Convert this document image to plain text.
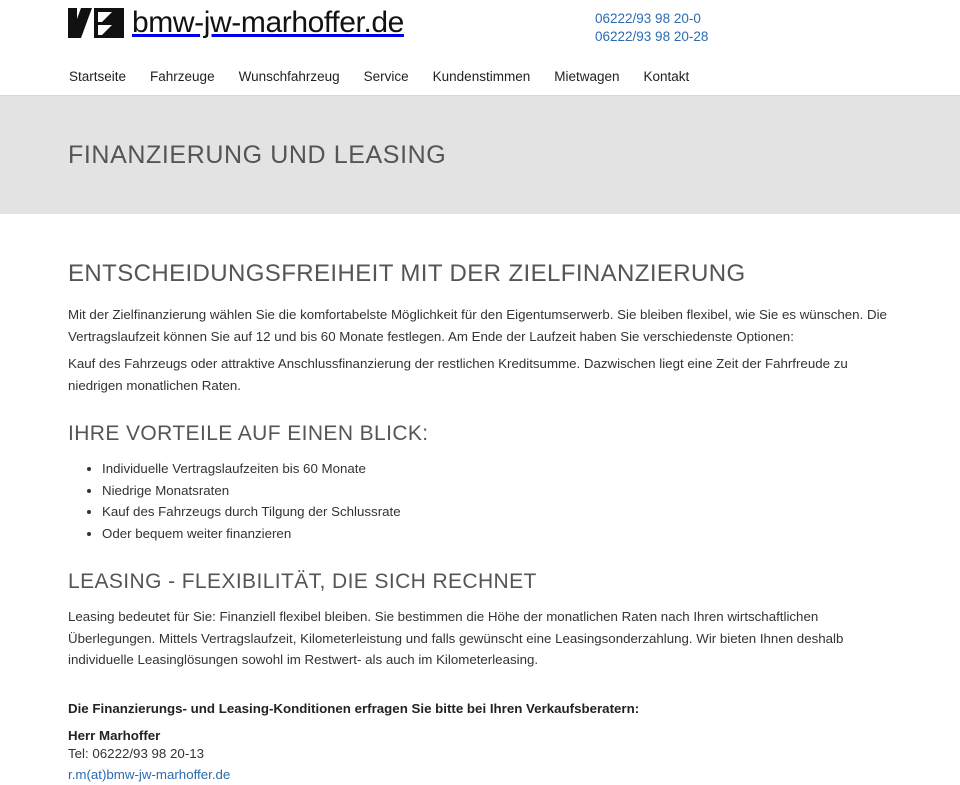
bmw-jw-marhoffer.de	06222/93 98 20-0
06222/93 98 20-28
Startseite Fahrzeuge Wunschfahrzeug Service Kundenstimmen Mietwagen Kontakt
FINANZIERUNG UND LEASING
ENTSCHEIDUNGSFREIHEIT MIT DER ZIELFINANZIERUNG

Mit der Zielfinanzierung wählen Sie die komfortabelste Möglichkeit für den Eigentumserwerb. Sie bleiben flexibel, wie Sie es wünschen. Die Vertragslaufzeit können Sie auf 12 und bis 60 Monate festlegen. Am Ende der Laufzeit haben Sie verschiedenste Optionen:

Kauf des Fahrzeugs oder attraktive Anschlussfinanzierung der restlichen Kreditsumme. Dazwischen liegt eine Zeit der Fahrfreude zu niedrigen monatlichen Raten.

IHRE VORTEILE AUF EINEN BLICK:
• Individuelle Vertragslaufzeiten bis 60 Monate
• Niedrige Monatsraten
• Kauf des Fahrzeugs durch Tilgung der Schlussrate
• Oder bequem weiter finanzieren
LEASING - FLEXIBILITÄT, DIE SICH RECHNET

Leasing bedeutet für Sie: Finanziell flexibel bleiben. Sie bestimmen die Höhe der monatlichen Raten nach Ihren wirtschaftlichen Überlegungen. Mittels Vertragslaufzeit, Kilometerleistung und falls gewünscht eine Leasingsonderzahlung. Wir bieten Ihnen deshalb individuelle Leasinglösungen sowohl im Restwert- als auch im Kilometerleasing.

Die Finanzierungs- und Leasing-Konditionen erfragen Sie bitte bei Ihren Verkaufsberatern:

Herr Marhoffer

Tel: 06222/93 98 20-13

r.m(at)bmw-jw-marhoffer.de
